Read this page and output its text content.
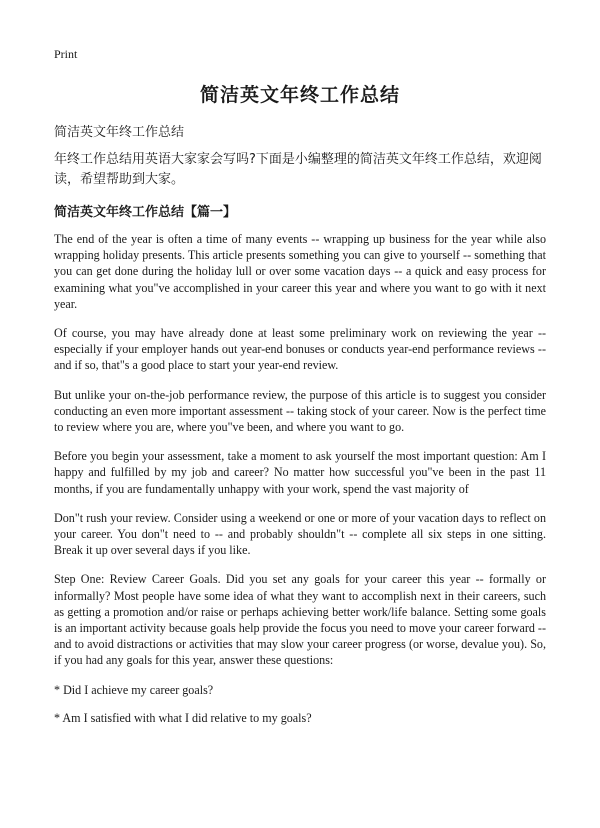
Print
简洁英文年终工作总结
简洁英文年终工作总结

年终工作总结用英语大家家会写吗?下面是小编整理的简洁英文年终工作总结，欢迎阅读，希望帮助到大家。

简洁英文年终工作总结【篇一】

The end of the year is often a time of many events -- wrapping up business for the year while also wrapping holiday presents. This article presents something you can give to yourself -- something that you can get done during the holiday lull or over some vacation days -- a quick and easy process for examining what you"ve accomplished in your career this year and where you want to go with it next year.

Of course, you may have already done at least some preliminary work on reviewing the year -- especially if your employer hands out year-end bonuses or conducts year-end performance reviews -- and if so, that"s a good place to start your year-end review.

But unlike your on-the-job performance review, the purpose of this article is to suggest you consider conducting an even more important assessment -- taking stock of your career. Now is the perfect time to review where you are, where you"ve been, and where you want to go.

Before you begin your assessment, take a moment to ask yourself the most important question: Am I happy and fulfilled by my job and career? No matter how successful you"ve been in the past 11 months, if you are fundamentally unhappy with your work, spend the vast majority of

Don"t rush your review. Consider using a weekend or one or more of your vacation days to reflect on your career. You don"t need to -- and probably shouldn"t -- complete all six steps in one sitting. Break it up over several days if you like.

Step One: Review Career Goals. Did you set any goals for your career this year -- formally or informally? Most people have some idea of what they want to accomplish next in their careers, such as getting a promotion and/or raise or perhaps achieving better work/life balance. Setting some goals is an important activity because goals help provide the focus you need to move your career forward -- and to avoid distractions or activities that may slow your career progress (or worse, devalue you). So, if you had any goals for this year, answer these questions:

* Did I achieve my career goals?

* Am I satisfied with what I did relative to my goals?
